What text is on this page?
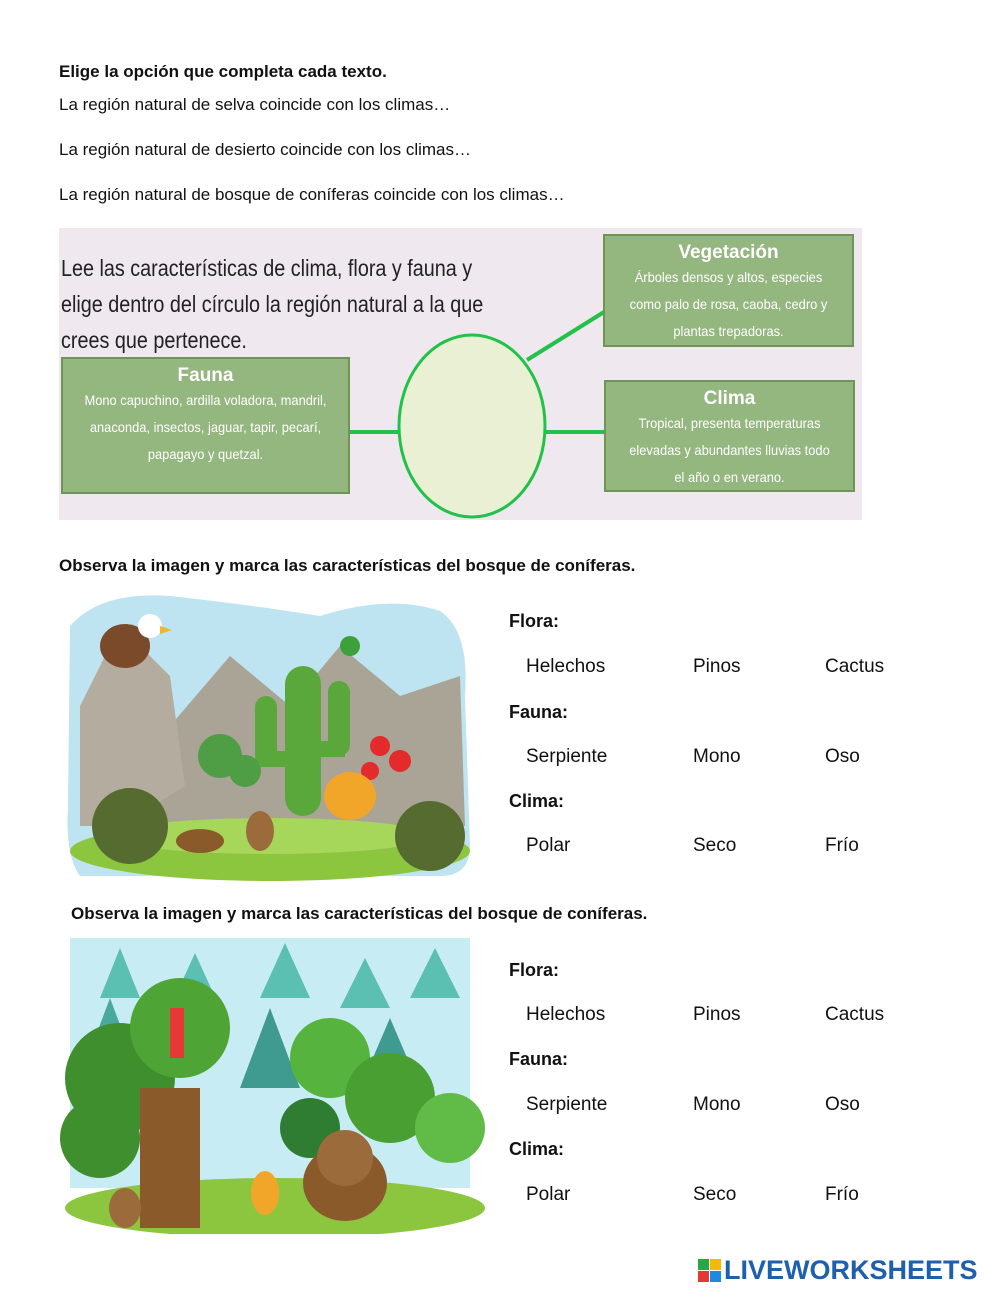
Elige la opción que completa cada texto.
La región natural de selva coincide con los climas…
La región natural de desierto coincide con los climas…
La región natural de bosque de coníferas coincide con los climas…
Lee las características de clima, flora y fauna y elige dentro del círculo la región natural a la que crees que pertenece.
Vegetación
Árboles densos y altos, especies como palo de rosa, caoba, cedro y plantas trepadoras.
Fauna
Mono capuchino, ardilla voladora, mandril, anaconda, insectos, jaguar, tapir, pecarí, papagayo y quetzal.
Clima
Tropical, presenta temperaturas elevadas y abundantes lluvias todo el año o en verano.
Observa la imagen y marca las características del bosque de coníferas.
Flora:
Helechos	Pinos	Cactus
Fauna:
Serpiente	Mono	Oso
Clima:
Polar	Seco	Frío
Observa la imagen y marca las características del bosque de coníferas.
Flora:
Helechos	Pinos	Cactus
Fauna:
Serpiente	Mono	Oso
Clima:
Polar	Seco	Frío
LIVEWORKSHEETS
